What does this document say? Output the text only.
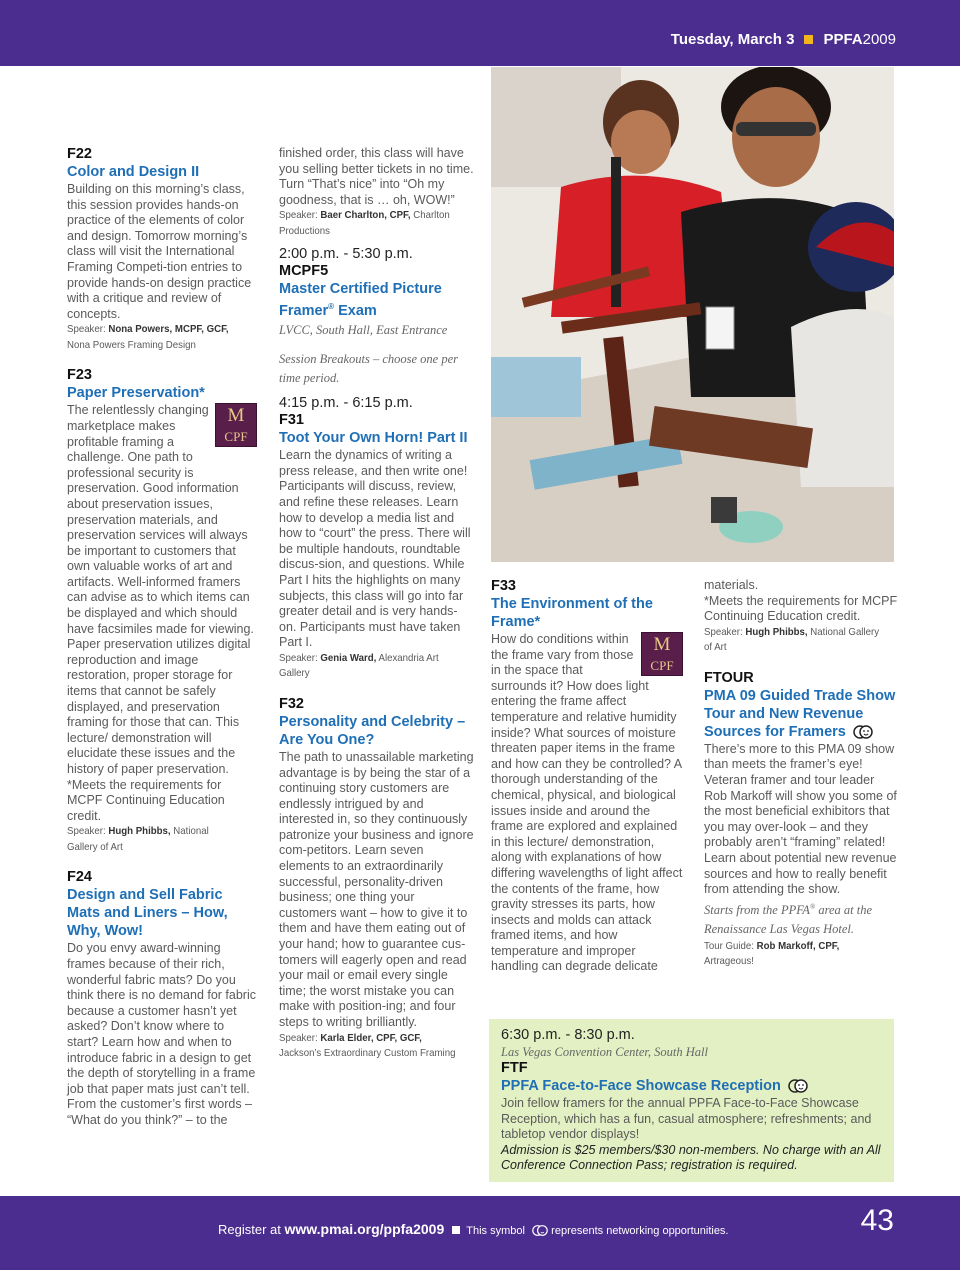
Tuesday, March 3 PPFA2009
F22
Color and Design II
Building on this morning’s class, this session provides hands-on practice of the elements of color and design. Tomorrow morning’s class will visit the International Framing Competi-tion entries to provide hands-on design practice with a critique and review of concepts.
Speaker: Nona Powers, MCPF, GCF, Nona Powers Framing Design
F23
Paper Preservation*
M
CPF
The relentlessly changing marketplace makes profitable framing a challenge. One path to professional security is preservation. Good information about preservation issues, preservation materials, and preservation services will always be important to customers that own valuable works of art and artifacts. Well-informed framers can advise as to which items can be displayed and which should have facsimiles made for viewing. Paper preservation utilizes digital reproduction and image restoration, proper storage for items that cannot be safely displayed, and preservation framing for those that can. This lecture/ demonstration will elucidate these issues and the history of paper preservation.
*Meets the requirements for MCPF Continuing Education credit.
Speaker: Hugh Phibbs, National Gallery of Art
F24
Design and Sell Fabric Mats and Liners – How, Why, Wow!
Do you envy award-winning frames because of their rich, wonderful fabric mats? Do you think there is no demand for fabric because a customer hasn’t yet asked? Don’t know where to start? Learn how and when to introduce fabric in a design to get the depth of storytelling in a frame job that paper mats just can’t tell. From the customer’s first words – “What do you think?” – to the
finished order, this class will have you selling better tickets in no time. Turn “That’s nice” into “Oh my goodness, that is … oh, WOW!”
Speaker: Baer Charlton, CPF, Charlton Productions
2:00 p.m. - 5:30 p.m.
MCPF5
Master Certified Picture Framer® Exam
LVCC, South Hall, East Entrance
Session Breakouts – choose one per time period.
4:15 p.m. - 6:15 p.m.
F31
Toot Your Own Horn! Part II
Learn the dynamics of writing a press release, and then write one! Participants will discuss, review, and refine these releases. Learn how to develop a media list and how to “court” the press. There will be multiple handouts, roundtable discus-sion, and questions. While Part I hits the highlights on many subjects, this class will go into far greater detail and is very hands-on. Participants must have taken Part I.
Speaker: Genia Ward, Alexandria Art Gallery
F32
Personality and Celebrity – Are You One?
The path to unassailable marketing advantage is by being the star of a continuing story customers are endlessly intrigued by and interested in, so they continuously patronize your business and ignore com-petitors. Learn seven elements to an extraordinarily successful, personality-driven business; one thing your customers want – how to give it to them and have them eating out of your hand; how to guarantee cus-tomers will eagerly open and read your mail or email every single time; the worst mistake you can make with position-ing; and four steps to writing brilliantly.
Speaker: Karla Elder, CPF, GCF, Jackson’s Extraordinary Custom Framing
F33
The Environment of the Frame*
M
CPF
How do conditions within the frame vary from those in the space that surrounds it? How does light entering the frame affect temperature and relative humidity inside? What sources of moisture threaten paper items in the frame and how can they be controlled? A thorough understanding of the chemical, physical, and biological issues inside and around the frame are explored and explained in this lecture/ demonstration, along with explanations of how differing wavelengths of light affect the contents of the frame, how gravity stresses its parts, how insects and molds can attack framed items, and how temperature and improper handling can degrade delicate
materials.
*Meets the requirements for MCPF Continuing Education credit.
Speaker: Hugh Phibbs, National Gallery of Art
FTOUR
PMA 09 Guided Trade Show Tour and New Revenue Sources for Framers
There’s more to this PMA 09 show than meets the framer’s eye! Veteran framer and tour leader Rob Markoff will show you some of the most beneficial exhibitors that you may over-look – and they probably aren’t “framing” related! Learn about potential new revenue sources and how to really benefit from attending the show.
Starts from the PPFA® area at the Renaissance Las Vegas Hotel.
Tour Guide: Rob Markoff, CPF, Artrageous!
6:30 p.m. - 8:30 p.m.
Las Vegas Convention Center, South Hall
FTF
PPFA Face-to-Face Showcase Reception
Join fellow framers for the annual PPFA Face-to-Face Showcase Reception, which has a fun, casual atmosphere; refreshments; and tabletop vendor displays!
Admission is $25 members/$30 non-members. No charge with an All Conference Connection Pass; registration is required.
Register at www.pmai.org/ppfa2009 This symbol represents networking opportunities.	43
